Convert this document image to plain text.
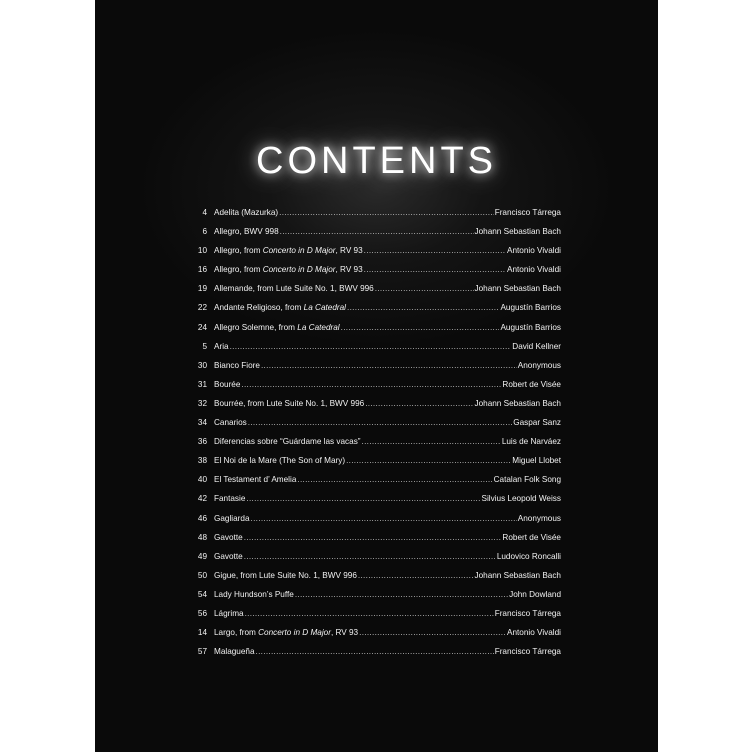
CONTENTS
4 Adelita (Mazurka) .....	Francisco Tárrega
6 Allegro, BWV 998 .....	Johann Sebastian Bach
10 Allegro, from Concerto in D Major, RV 93 .....	Antonio Vivaldi
16 Allegro, from Concerto in D Major, RV 93 .....	Antonio Vivaldi
19 Allemande, from Lute Suite No. 1, BWV 996 .....	Johann Sebastian Bach
22 Andante Religioso, from La Catedral .....	Augustín Barrios
24 Allegro Solemne, from La Catedral .....	Augustín Barrios
5 Aria .....	David Kellner
30 Bianco Fiore .....	Anonymous
31 Bourée .....	Robert de Visée
32 Bourrée, from Lute Suite No. 1, BWV 996 .....	Johann Sebastian Bach
34 Canarios .....	Gaspar Sanz
36 Diferencias sobre “Guárdame las vacas” .....	Luis de Narváez
38 El Noi de la Mare (The Son of Mary) .....	Miguel Llobet
40 El Testament d’ Amelia .....	Catalan Folk Song
42 Fantasie .....	Silvius Leopold Weiss
46 Gagliarda .....	Anonymous
48 Gavotte .....	Robert de Visée
49 Gavotte .....	Ludovico Roncalli
50 Gigue, from Lute Suite No. 1, BWV 996 .....	Johann Sebastian Bach
54 Lady Hundson’s Puffe .....	John Dowland
56 Lágrima .....	Francisco Tárrega
14 Largo, from Concerto in D Major, RV 93 .....	Antonio Vivaldi
57 Malagueña .....	Francisco Tárrega
